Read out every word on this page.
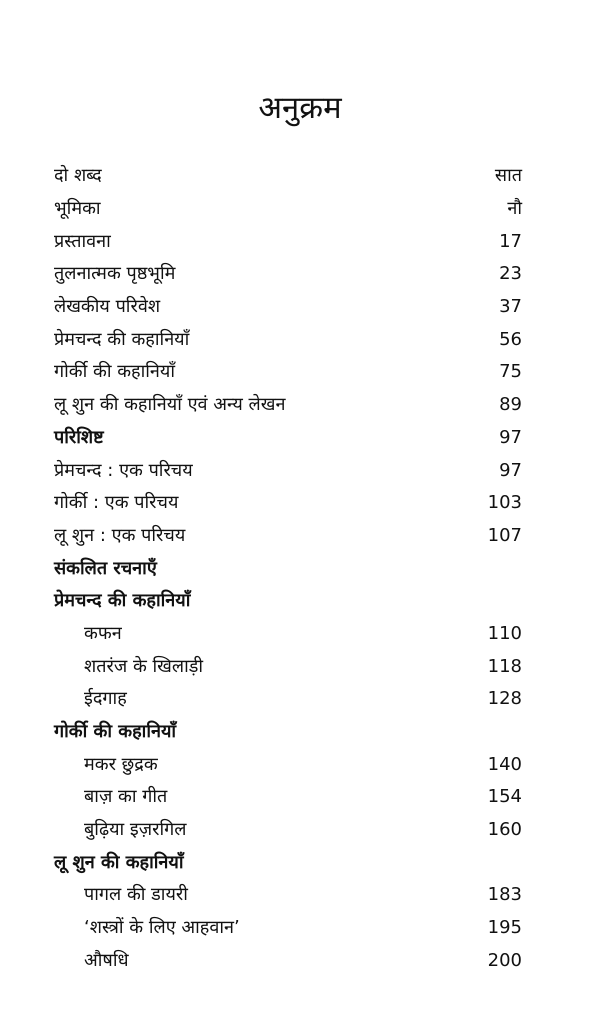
अनुक्रम
दो शब्द	सात
भूमिका	नौ
प्रस्तावना	17
तुलनात्मक पृष्ठभूमि	23
लेखकीय परिवेश	37
प्रेमचन्द की कहानियाँ	56
गोर्की की कहानियाँ	75
लू शुन की कहानियाँ एवं अन्य लेखन	89
परिशिष्ट	97
प्रेमचन्द : एक परिचय	97
गोर्की : एक परिचय	103
लू शुन : एक परिचय	107
संकलित रचनाएँ
प्रेमचन्द की कहानियाँ
कफन	110
शतरंज के खिलाड़ी	118
ईदगाह	128
गोर्की की कहानियाँ
मकर छुद्रक	140
बाज़ का गीत	154
बुढ़िया इज़रगिल	160
लू शुन की कहानियाँ
पागल की डायरी	183
‘शस्त्रों के लिए आहवान’	195
औषधि	200
